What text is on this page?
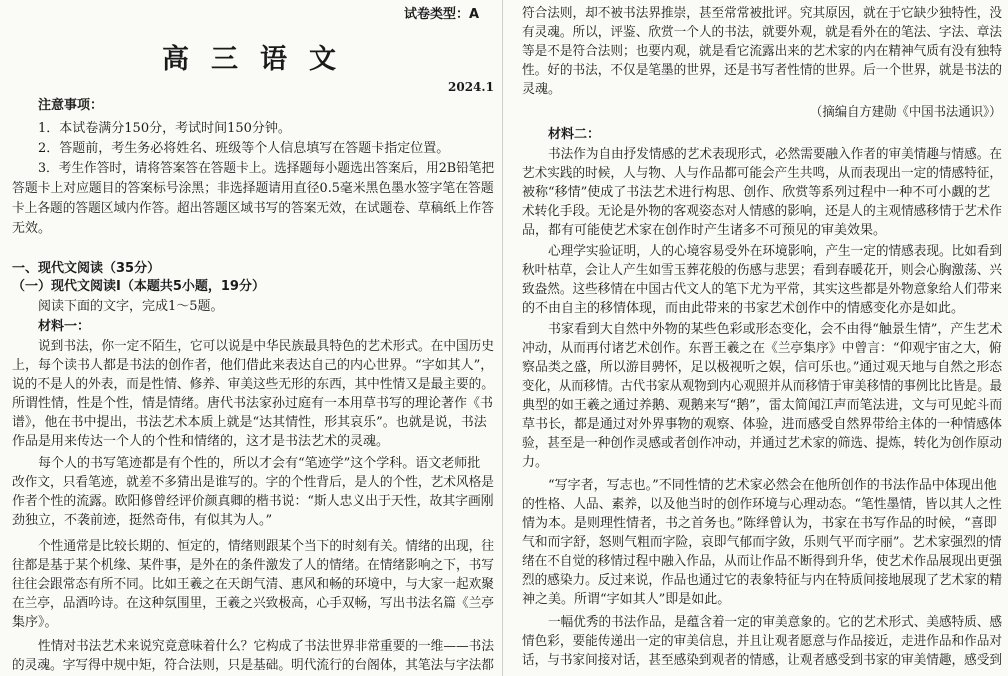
试卷类型：A
高三语文
2024.1
注意事项：
1．本试卷满分150分，考试时间150分钟。
2．答题前，考生务必将姓名、班级等个人信息填写在答题卡指定位置。
3．考生作答时，请将答案答在答题卡上。选择题每小题选出答案后，用2B铅笔把
答题卡上对应题目的答案标号涂黑；非选择题请用直径0.5毫米黑色墨水签字笔在答题
卡上各题的答题区域内作答。超出答题区域书写的答案无效，在试题卷、草稿纸上作答
无效。
一、现代文阅读（35分）
（一）现代文阅读Ⅰ（本题共5小题，19分）
阅读下面的文字，完成1～5题。
材料一：
说到书法，你一定不陌生，它可以说是中华民族最具特色的艺术形式。在中国历史
上，每个读书人都是书法的创作者，他们借此来表达自己的内心世界。“字如其人”，
说的不是人的外表，而是性情、修养、审美这些无形的东西，其中性情又是最主要的。
所谓性情，性是个性，情是情绪。唐代书法家孙过庭有一本用草书写的理论著作《书
谱》，他在书中提出，书法艺术本质上就是“达其情性，形其哀乐”。也就是说，书法
作品是用来传达一个人的个性和情绪的，这才是书法艺术的灵魂。
每个人的书写笔迹都是有个性的，所以才会有“笔迹学”这个学科。语文老师批
改作文，只看笔迹，就差不多猜出是谁写的。字的个性背后，是人的个性，艺术风格是
作者个性的流露。欧阳修曾经评价颜真卿的楷书说：“斯人忠义出于天性，故其字画刚
劲独立，不袭前迹，挺然奇伟，有似其为人。”
个性通常是比较长期的、恒定的，情绪则跟某个当下的时刻有关。情绪的出现，往
往都是基于某个机缘、某件事，是外在的条件激发了人的情绪。在情绪影响之下，书写
往往会跟常态有所不同。比如王羲之在天朗气清、惠风和畅的环境中，与大家一起欢聚
在兰亭，品酒吟诗。在这种氛围里，王羲之兴致极高，心手双畅，写出书法名篇《兰亭
集序》。
性情对书法艺术来说究竟意味着什么？它构成了书法世界非常重要的一维——书法
的灵魂。字写得中规中矩，符合法则，只是基础。明代流行的台阁体，其笔法与字法都
符合法则，却不被书法界推崇，甚至常常被批评。究其原因，就在于它缺少独特性，没
有灵魂。所以，评鉴、欣赏一个人的书法，就要外观，就是看外在的笔法、字法、章法
等是不是符合法则；也要内观，就是看它流露出来的艺术家的内在精神气质有没有独特
性。好的书法，不仅是笔墨的世界，还是书写者性情的世界。后一个世界，就是书法的
灵魂。
（摘编自方建勋《中国书法通识》）
材料二：
书法作为自由抒发情感的艺术表现形式，必然需要融入作者的审美情趣与情感。在
艺术实践的时候，人与物、人与作品都可能会产生共鸣，从而表现出一定的情感特征，
被称“移情”使成了书法艺术进行构思、创作、欣赏等系列过程中一种不可小觑的艺
术转化手段。无论是外物的客观姿态对人情感的影响，还是人的主观情感移情于艺术作
品，都有可能使艺术家在创作时产生诸多不可预见的审美效果。
心理学实验证明，人的心境容易受外在环境影响，产生一定的情感表现。比如看到
秋叶枯草，会让人产生如雪玉葬花般的伤感与悲罢；看到春暖花开，则会心胸激荡、兴
致盎然。这些移情在中国古代文人的笔下尤为平常，其实这些都是外物意象给人们带来
的不由自主的移情体现，而由此带来的书家艺术创作中的情感变化亦是如此。
书家看到大自然中外物的某些色彩或形态变化，会不由得“触景生情”，产生艺术
冲动，从而再付诸艺术创作。东晋王羲之在《兰亭集序》中曾言：“仰观宇宙之大，俯
察品类之盛，所以游目骋怀，足以极视听之娱，信可乐也。”通过观天地与自然之形态
变化，从而移情。古代书家从观物到内心观照并从而移情于审美移情的事例比比皆是。最
典型的如王羲之通过养鹅、观鹅来写“鹅”，雷太简闻江声而笔法进，文与可见蛇斗而
草书长，都是通过对外界事物的观察、体验，进而感受自然界带给主体的一种情感体
验，甚至是一种创作灵感或者创作冲动，并通过艺术家的筛选、提炼，转化为创作原动
力。
“写字者，写志也。”不同性情的艺术家必然会在他所创作的书法作品中体现出他
的性格、人品、素养，以及他当时的创作环境与心理动态。“笔性墨情，皆以其人之性
情为本。是则理性情者，书之首务也。”陈绎曾认为，书家在书写作品的时候，“喜即
气和而字舒，怒则气粗而字险，哀即气郁而字敛，乐则气平而字丽”。艺术家强烈的情
绪在不自觉的移情过程中融入作品，从而让作品不断得到升华，使艺术作品展现出更强
烈的感染力。反过来说，作品也通过它的表象特征与内在特质间接地展现了艺术家的精
神之美。所谓“字如其人”即是如此。
一幅优秀的书法作品，是蕴含着一定的审美意象的。它的艺术形式、美感特质、感
情色彩，要能传递出一定的审美信息，并且让观者愿意与作品接近，走进作品和作品对
话，与书家间接对话，甚至感染到观者的情感，让观者感受到书家的审美情趣，感受到
